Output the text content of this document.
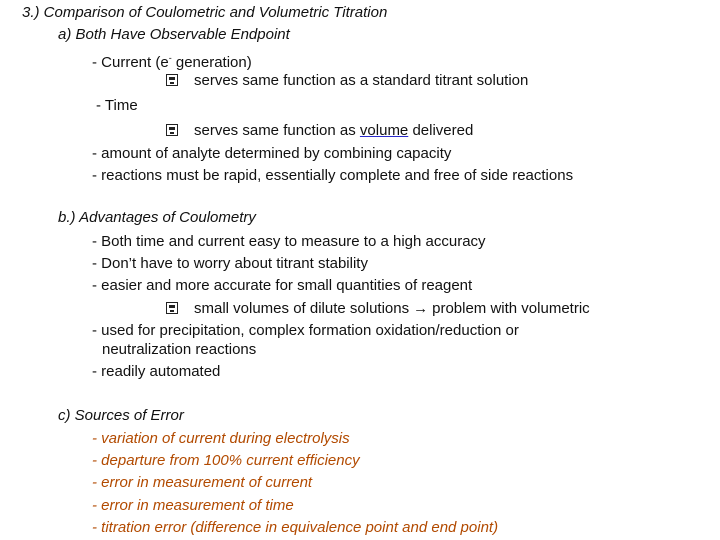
3.) Comparison of Coulometric and Volumetric Titration
a) Both Have Observable Endpoint
- Current (e- generation)
serves same function as a standard titrant solution
- Time
serves same function as volume delivered
- amount of analyte determined by combining capacity
- reactions must be rapid, essentially complete and free of side reactions
b.) Advantages of Coulometry
- Both time and current easy to measure to a high accuracy
- Don’t have to worry about titrant stability
- easier and more accurate for small quantities of reagent
small volumes of dilute solutions → problem with volumetric
- used for precipitation, complex formation oxidation/reduction or
neutralization reactions
- readily automated
c) Sources of Error
- variation of current during electrolysis
- departure from 100% current efficiency
- error in measurement of current
- error in measurement of time
- titration error (difference in equivalence point and end point)
